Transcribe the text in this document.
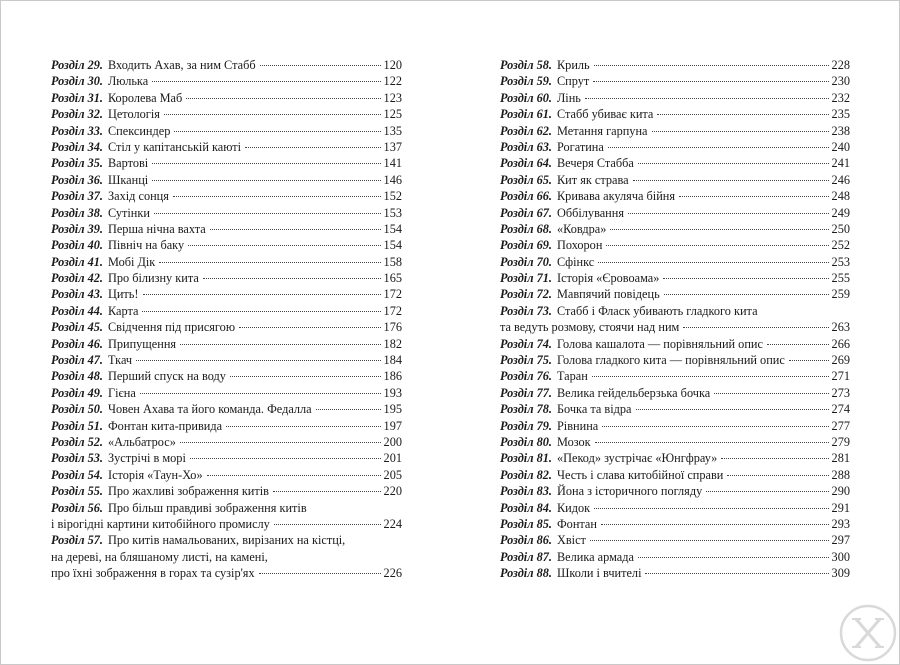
Розділ 29. Входить Ахав, за ним Стабб	120
Розділ 30. Люлька	122
Розділ 31. Королева Маб	123
Розділ 32. Цетологія	125
Розділ 33. Спексиндер	135
Розділ 34. Стіл у капітанській каюті	137
Розділ 35. Вартові	141
Розділ 36. Шканці	146
Розділ 37. Захід сонця	152
Розділ 38. Сутінки	153
Розділ 39. Перша нічна вахта	154
Розділ 40. Північ на баку	154
Розділ 41. Мобі Дік	158
Розділ 42. Про білизну кита	165
Розділ 43. Цить!	172
Розділ 44. Карта	172
Розділ 45. Свідчення під присягою	176
Розділ 46. Припущення	182
Розділ 47. Ткач	184
Розділ 48. Перший спуск на воду	186
Розділ 49. Гієна	193
Розділ 50. Човен Ахава та його команда. Федалла	195
Розділ 51. Фонтан кита-привида	197
Розділ 52. «Альбатрос»	200
Розділ 53. Зустрічі в морі	201
Розділ 54. Історія «Таун-Хо»	205
Розділ 55. Про жахливі зображення китів	220
Розділ 56. Про більш правдиві зображення китів
і вірогідні картини китобійного промислу	224
Розділ 57. Про китів намальованих, вирізаних на кістці,
на дереві, на бляшаному листі, на камені,
про їхні зображення в горах та сузір'ях	226
Розділ 58. Криль	228
Розділ 59. Спрут	230
Розділ 60. Лінь	232
Розділ 61. Стабб убиває кита	235
Розділ 62. Метання гарпуна	238
Розділ 63. Рогатина	240
Розділ 64. Вечеря Стабба	241
Розділ 65. Кит як страва	246
Розділ 66. Кривава акуляча бійня	248
Розділ 67. Оббілування	249
Розділ 68. «Ковдра»	250
Розділ 69. Похорон	252
Розділ 70. Сфінкс	253
Розділ 71. Історія «Єровоама»	255
Розділ 72. Мавпячий повідець	259
Розділ 73. Стабб і Фласк убивають гладкого кита
та ведуть розмову, стоячи над ним	263
Розділ 74. Голова кашалота — порівняльний опис	266
Розділ 75. Голова гладкого кита — порівняльний опис	269
Розділ 76. Таран	271
Розділ 77. Велика гейдельберзька бочка	273
Розділ 78. Бочка та відра	274
Розділ 79. Рівнина	277
Розділ 80. Мозок	279
Розділ 81. «Пекод» зустрічає «Юнгфрау»	281
Розділ 82. Честь і слава китобійної справи	288
Розділ 83. Йона з історичного погляду	290
Розділ 84. Кидок	291
Розділ 85. Фонтан	293
Розділ 86. Хвіст	297
Розділ 87. Велика армада	300
Розділ 88. Школи і вчителі	309
